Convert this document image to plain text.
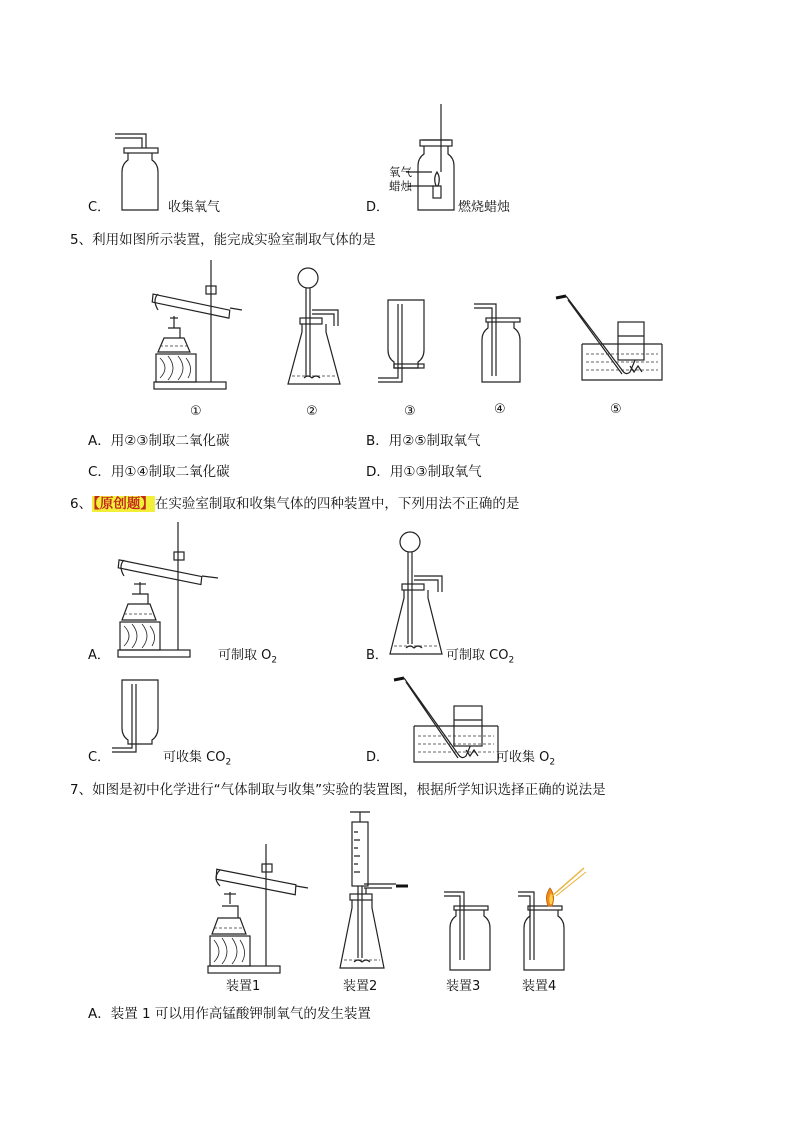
C．	收集氧气	D．
氧气
蜡烛
燃烧蜡烛
5、利用如图所示装置，能完成实验室制取气体的是
①	②	③	④	⑤
A．用②③制取二氧化碳	B．用②⑤制取氧气
C．用①④制取二氧化碳	D．用①③制取氧气
6、【原创题】在实验室制取和收集气体的四种装置中，下列用法不正确的是
A．	可制取 $O_2$	B．	可制取 $CO_2$
C．	可收集 $CO_2$	D．	可收集 $O_2$
7、如图是初中化学进行“气体制取与收集”实验的装置图，根据所学知识选择正确的说法是
装置1	装置2	装置3	装置4
A．装置 1 可以用作高锰酸钾制氧气的发生装置
